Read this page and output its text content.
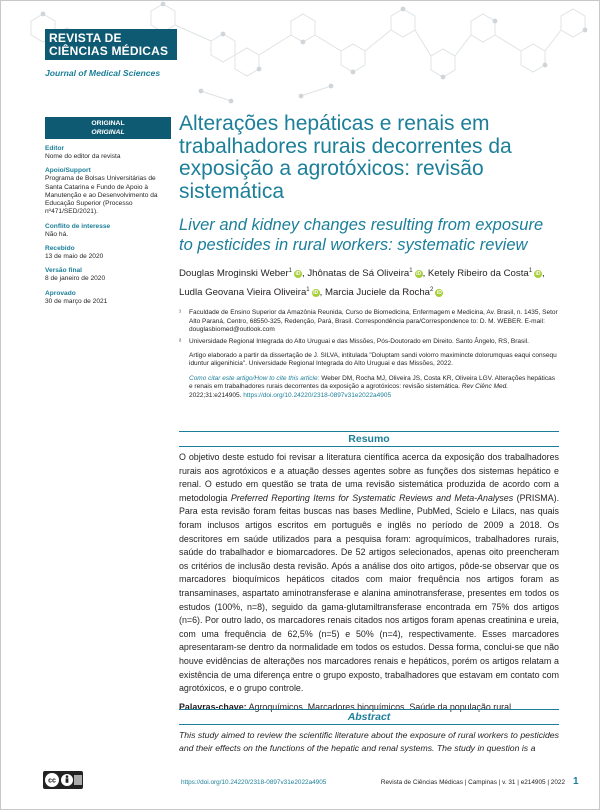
REVISTA DE
CIÊNCIAS MÉDICAS
Journal of Medical Sciences
ORIGINAL
ORIGINAL
Editor
Nome do editor da revista
Apoio/Support
Programa de Bolsas Universitárias de Santa Catarina e Fundo de Apoio à Manutenção e ao Desenvolvimento da Educação Superior (Processo nº471/SED/2021).
Conflito de interesse
Não há.
Recebido
13 de maio de 2020
Versão final
8 de janeiro de 2020
Aprovado
30 de março de 2021
Alterações hepáticas e renais em trabalhadores rurais decorrentes da exposição a agrotóxicos: revisão sistemática
Liver and kidney changes resulting from exposure to pesticides in rural workers: systematic review
Douglas Mroginski Weber$^1$ iD , Jhônatas de Sá Oliveira$^1$ iD , Ketely Ribeiro da Costa$^1$ iD ,
Ludla Geovana Vieira Oliveira$^1$ iD , Marcia Juciele da Rocha$^2$ iD
¹ Faculdade de Ensino Superior da Amazônia Reunida, Curso de Biomedicina, Enfermagem e Medicina, Av. Brasil, n. 1435, Setor Alto Paraná, Centro, 68550-325, Redenção, Pará, Brasil. Correspondência para/Correspondence to: D. M. WEBER. E-mail: douglasbiomed@outlook.com
² Universidade Regional Integrada do Alto Uruguai e das Missões, Pós-Doutorado em Direito. Santo Ângelo, RS, Brasil.
Artigo elaborado a partir da dissertação de J. SILVA, intitulada "Doluptam sandi volorro maximincte dolorumquas eaqui consequ iduntur aligenihicia". Universidade Regional Integrada do Alto Uruguai e das Missões, 2022.
Como citar este artigo/How to cite this article: Weber DM, Rocha MJ, Oliveira JS, Costa KR, Oliveira LGV. Alterações hepáticas e renais em trabalhadores rurais decorrentes da exposição a agrotóxicos: revisão sistemática. Rev Ciênc Med. 2022;31:e214905. https://doi.org/10.24220/2318-0897v31e2022a4905
Resumo
O objetivo deste estudo foi revisar a literatura científica acerca da exposição dos trabalhadores rurais aos agrotóxicos e a atuação desses agentes sobre as funções dos sistemas hepático e renal. O estudo em questão se trata de uma revisão sistemática produzida de acordo com a metodologia Preferred Reporting Items for Systematic Reviews and Meta-Analyses (PRISMA). Para esta revisão foram feitas buscas nas bases Medline, PubMed, Scielo e Lilacs, nas quais foram inclusos artigos escritos em português e inglês no período de 2009 a 2018. Os descritores em saúde utilizados para a pesquisa foram: agroquímicos, trabalhadores rurais, saúde do trabalhador e biomarcadores. De 52 artigos selecionados, apenas oito preencheram os critérios de inclusão desta revisão. Após a análise dos oito artigos, pôde-se observar que os marcadores bioquímicos hepáticos citados com maior frequência nos artigos foram as transaminases, aspartato aminotransferase e alanina aminotransferase, presentes em todos os estudos (100%, n=8), seguido da gama-glutamiltransferase encontrada em 75% dos artigos (n=6). Por outro lado, os marcadores renais citados nos artigos foram apenas creatinina e ureia, com uma frequência de 62,5% (n=5) e 50% (n=4), respectivamente. Esses marcadores apresentaram-se dentro da normalidade em todos os estudos. Dessa forma, conclui-se que não houve evidências de alterações nos marcadores renais e hepáticos, porém os artigos relatam a existência de uma diferença entre o grupo exposto, trabalhadores que estavam em contato com agrotóxicos, e o grupo controle.
Palavras-chave: Agroquímicos. Marcadores bioquímicos. Saúde da população rural.
Abstract
This study aimed to review the scientific literature about the exposure of rural workers to pesticides and their effects on the functions of the hepatic and renal systems. The study in question is a
cc	https://doi.org/10.24220/2318-0897v31e2022a4905	Revista de Ciências Médicas | Campinas | v. 31 | e214905 | 2022 1
